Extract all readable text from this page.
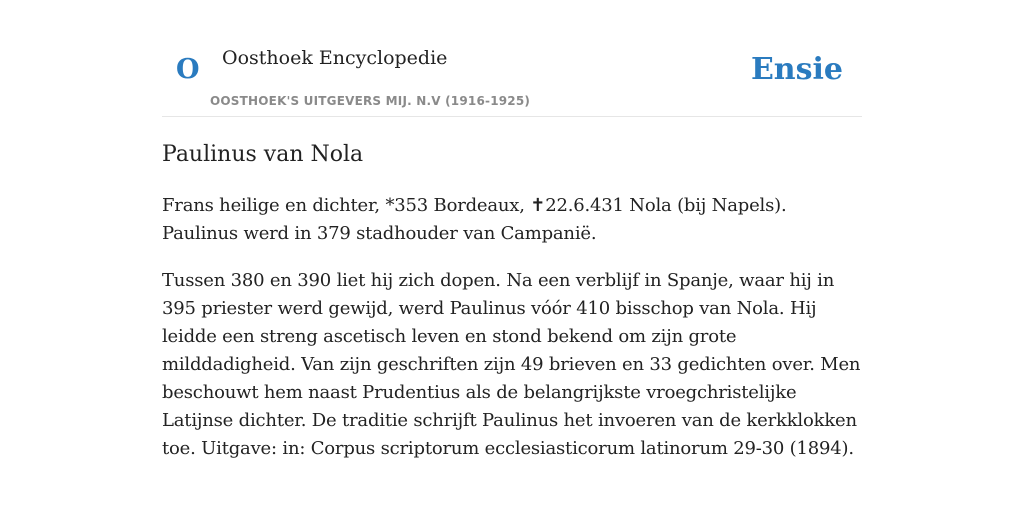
O Oosthoek Encyclopedie
OOSTHOEK'S UITGEVERS MIJ. N.V (1916-1925)
Ensie
Paulinus van Nola

Frans heilige en dichter, *353 Bordeaux, ✝22.6.431 Nola (bij Napels). Paulinus werd in 379 stadhouder van Campanië.

Tussen 380 en 390 liet hij zich dopen. Na een verblijf in Spanje, waar hij in 395 priester werd gewijd, werd Paulinus vóór 410 bisschop van Nola. Hij leidde een streng ascetisch leven en stond bekend om zijn grote milddadigheid. Van zijn geschriften zijn 49 brieven en 33 gedichten over. Men beschouwt hem naast Prudentius als de belangrijkste vroegchristelijke Latijnse dichter. De traditie schrijft Paulinus het invoeren van de kerkklokken toe. Uitgave: in: Corpus scriptorum ecclesiasticorum latinorum 29-30 (1894).
